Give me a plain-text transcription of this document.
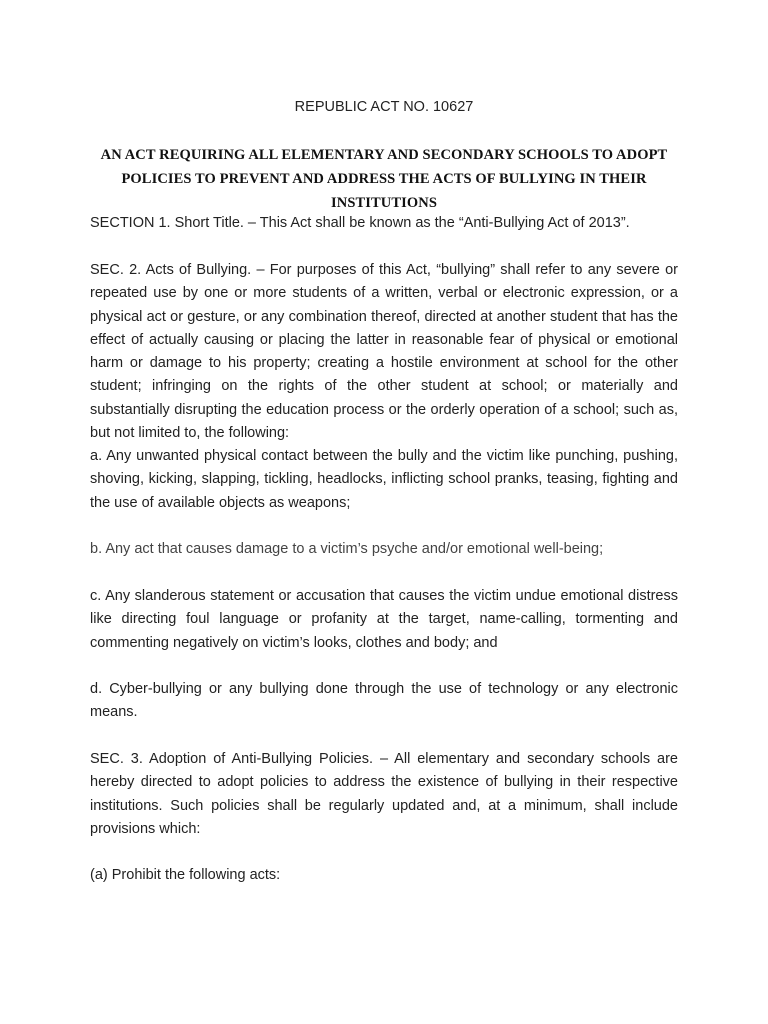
REPUBLIC ACT NO. 10627
AN ACT REQUIRING ALL ELEMENTARY AND SECONDARY SCHOOLS TO ADOPT POLICIES TO PREVENT AND ADDRESS THE ACTS OF BULLYING IN THEIR INSTITUTIONS
SECTION 1. Short Title. – This Act shall be known as the “Anti-Bullying Act of 2013”.
SEC. 2. Acts of Bullying. – For purposes of this Act, “bullying” shall refer to any severe or repeated use by one or more students of a written, verbal or electronic expression, or a physical act or gesture, or any combination thereof, directed at another student that has the effect of actually causing or placing the latter in reasonable fear of physical or emotional harm or damage to his property; creating a hostile environment at school for the other student; infringing on the rights of the other student at school; or materially and substantially disrupting the education process or the orderly operation of a school; such as, but not limited to, the following:
a. Any unwanted physical contact between the bully and the victim like punching, pushing, shoving, kicking, slapping, tickling, headlocks, inflicting school pranks, teasing, fighting and the use of available objects as weapons;
b. Any act that causes damage to a victim’s psyche and/or emotional well-being;
c. Any slanderous statement or accusation that causes the victim undue emotional distress like directing foul language or profanity at the target, name-calling, tormenting and commenting negatively on victim’s looks, clothes and body; and
d. Cyber-bullying or any bullying done through the use of technology or any electronic means.
SEC. 3. Adoption of Anti-Bullying Policies. – All elementary and secondary schools are hereby directed to adopt policies to address the existence of bullying in their respective institutions. Such policies shall be regularly updated and, at a minimum, shall include provisions which:
(a) Prohibit the following acts:
